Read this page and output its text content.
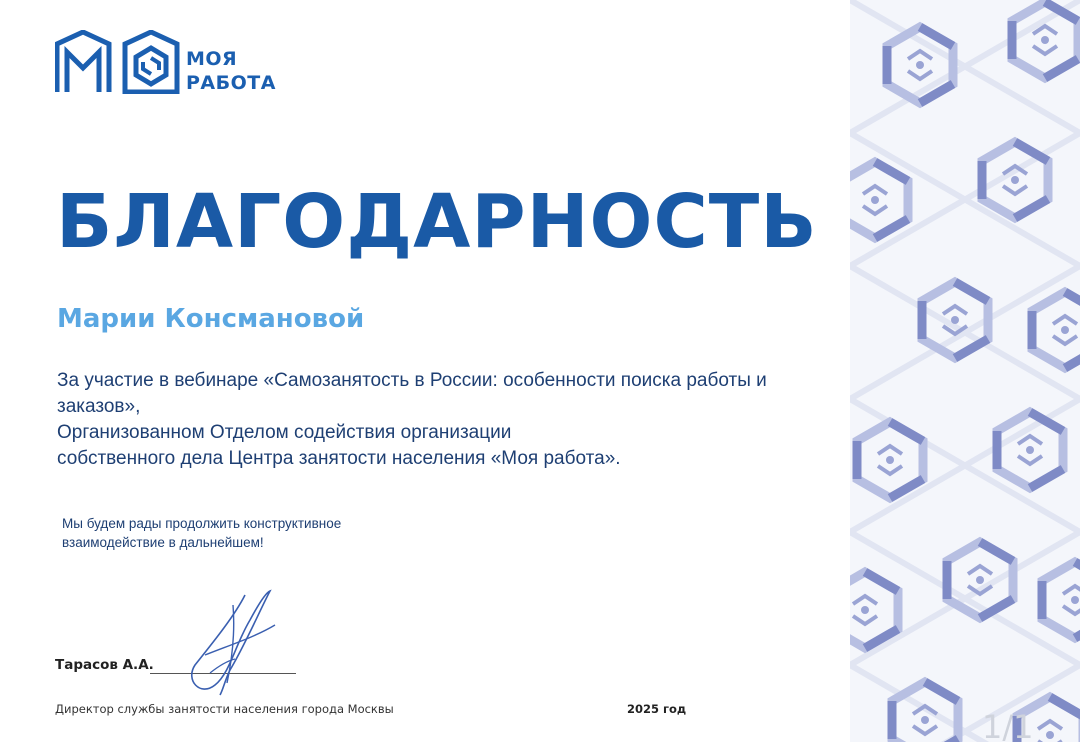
МОЯ
РАБОТА
БЛАГОДАРНОСТЬ
Марии Консмановой
За участие в вебинаре «Самозанятость в России: особенности поиска работы и
заказов»,
Организованном Отделом содействия организации
собственного дела Центра занятости населения «Моя работа».
Мы будем рады продолжить конструктивное
взаимодействие в дальнейшем!
Тарасов А.А.
Директор службы занятости населения города Москвы	2025 год	1/1
